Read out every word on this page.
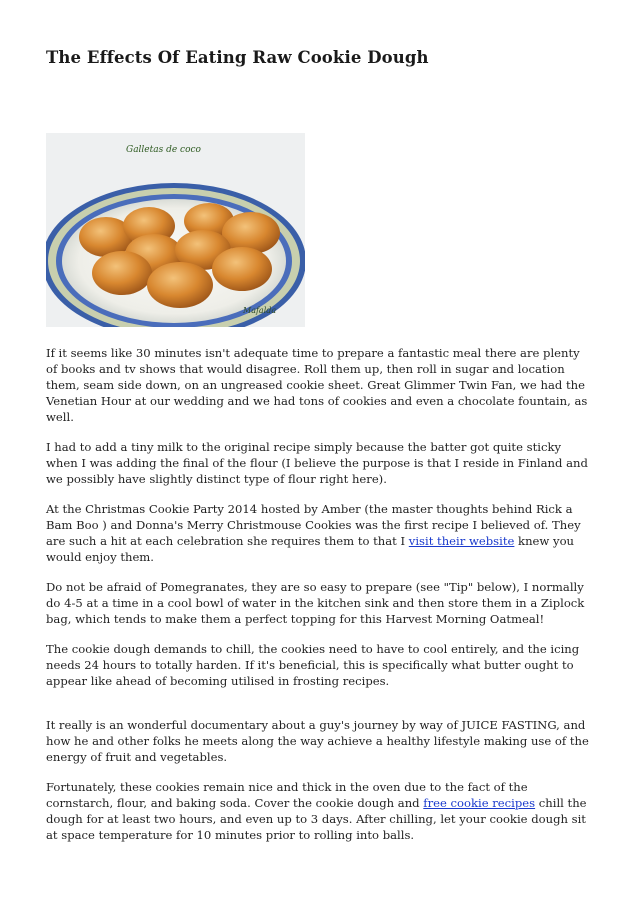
The Effects Of Eating Raw Cookie Dough
Galletas de coco
Mafalda

If it seems like 30 minutes isn't adequate time to prepare a fantastic meal there are plenty of books and tv shows that would disagree. Roll them up, then roll in sugar and location them, seam side down, on an ungreased cookie sheet. Great Glimmer Twin Fan, we had the Venetian Hour at our wedding and we had tons of cookies and even a chocolate fountain, as well.

I had to add a tiny milk to the original recipe simply because the batter got quite sticky when I was adding the final of the flour (I believe the purpose is that I reside in Finland and we possibly have slightly distinct type of flour right here).

At the Christmas Cookie Party 2014 hosted by Amber (the master thoughts behind Rick a Bam Boo ) and Donna's Merry Christmouse Cookies was the first recipe I believed of. They are such a hit at each celebration she requires them to that I visit their website knew you would enjoy them.

Do not be afraid of Pomegranates, they are so easy to prepare (see "Tip" below), I normally do 4-5 at a time in a cool bowl of water in the kitchen sink and then store them in a Ziplock bag, which tends to make them a perfect topping for this Harvest Morning Oatmeal!

The cookie dough demands to chill, the cookies need to have to cool entirely, and the icing needs 24 hours to totally harden. If it's beneficial, this is specifically what butter ought to appear like ahead of becoming utilised in frosting recipes.

It really is an wonderful documentary about a guy's journey by way of JUICE FASTING, and how he and other folks he meets along the way achieve a healthy lifestyle making use of the energy of fruit and vegetables.

Fortunately, these cookies remain nice and thick in the oven due to the fact of the cornstarch, flour, and baking soda. Cover the cookie dough and free cookie recipes chill the dough for at least two hours, and even up to 3 days. After chilling, let your cookie dough sit at space temperature for 10 minutes prior to rolling into balls.
